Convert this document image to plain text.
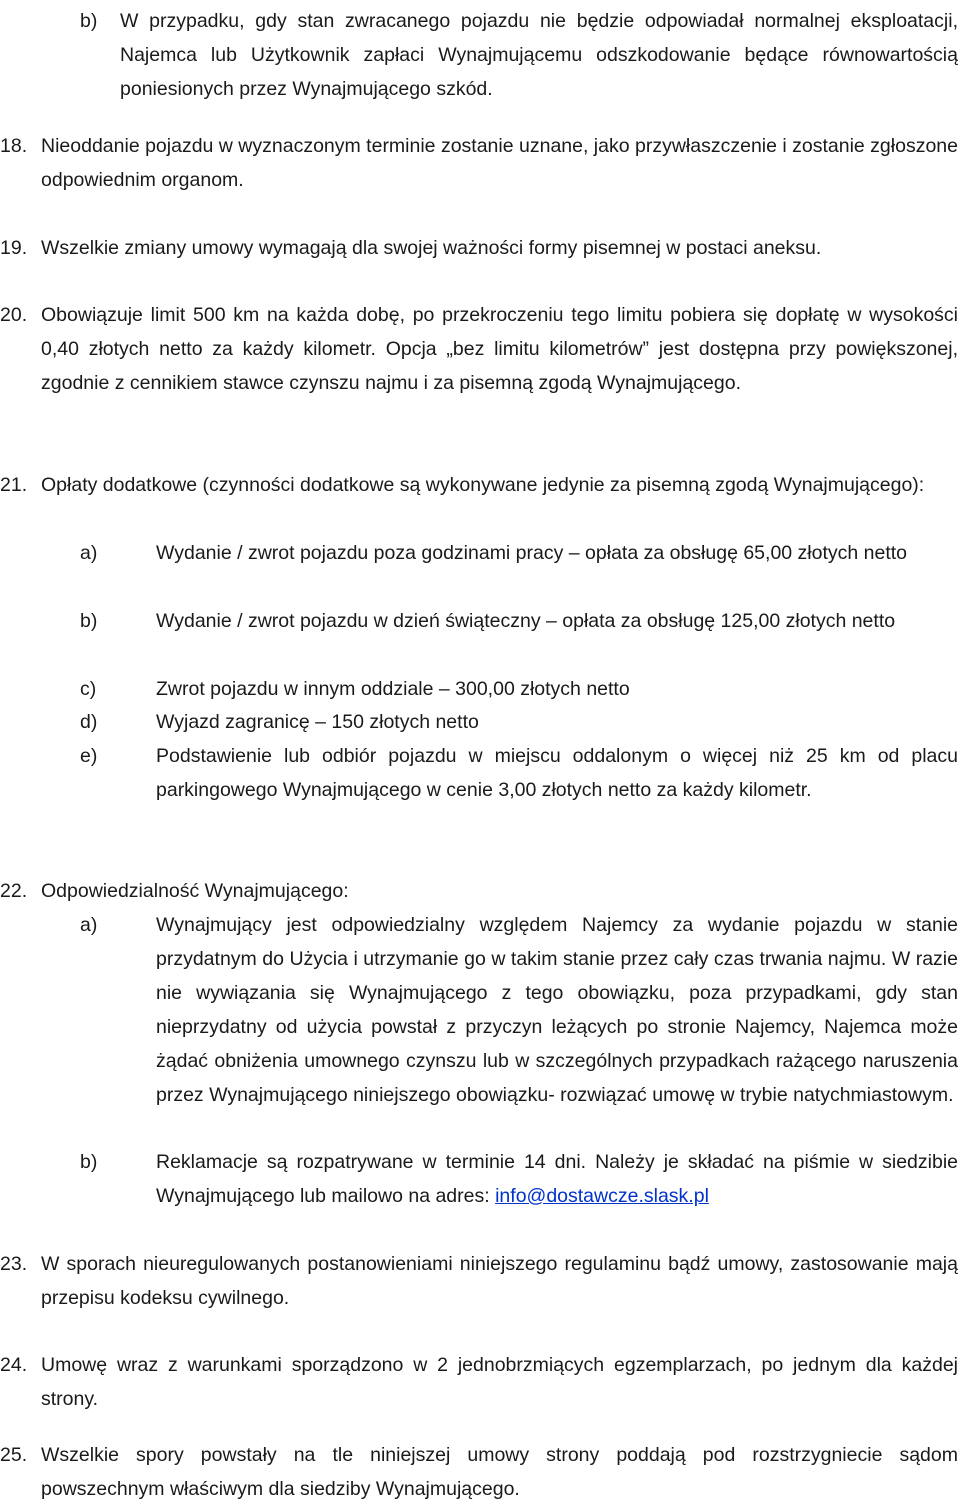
b) W przypadku, gdy stan zwracanego pojazdu nie będzie odpowiadał normalnej eksploatacji, Najemca lub Użytkownik zapłaci Wynajmującemu odszkodowanie będące równowartością poniesionych przez Wynajmującego szkód.
18. Nieoddanie pojazdu w wyznaczonym terminie zostanie uznane, jako przywłaszczenie i zostanie zgłoszone odpowiednim organom.
19. Wszelkie zmiany umowy wymagają dla swojej ważności formy pisemnej w postaci aneksu.
20. Obowiązuje limit 500 km na każda dobę, po przekroczeniu tego limitu pobiera się dopłatę w wysokości 0,40 złotych netto za każdy kilometr. Opcja „bez limitu kilometrów” jest dostępna przy powiększonej, zgodnie z cennikiem stawce czynszu najmu i za pisemną zgodą Wynajmującego.
21. Opłaty dodatkowe (czynności dodatkowe są wykonywane jedynie za pisemną zgodą Wynajmującego):
a)	Wydanie / zwrot pojazdu poza godzinami pracy – opłata za obsługę 65,00 złotych netto
b)	Wydanie / zwrot pojazdu w dzień świąteczny – opłata za obsługę 125,00 złotych netto
c)	Zwrot pojazdu w innym oddziale – 300,00 złotych netto
d)	Wyjazd zagranicę – 150 złotych netto
e)	Podstawienie lub odbiór pojazdu w miejscu oddalonym o więcej niż 25 km od placu parkingowego Wynajmującego w cenie 3,00 złotych netto za każdy kilometr.
22. Odpowiedzialność Wynajmującego:
a)	Wynajmujący jest odpowiedzialny względem Najemcy za wydanie pojazdu w stanie przydatnym do Użycia i utrzymanie go w takim stanie przez cały czas trwania najmu. W razie nie wywiązania się Wynajmującego z tego obowiązku, poza przypadkami, gdy stan nieprzydatny od użycia powstał z przyczyn leżących po stronie Najemcy, Najemca może żądać obniżenia umownego czynszu lub w szczególnych przypadkach rażącego naruszenia przez Wynajmującego niniejszego obowiązku- rozwiązać umowę w trybie natychmiastowym.
b)	Reklamacje są rozpatrywane w terminie 14 dni. Należy je składać na piśmie w siedzibie Wynajmującego lub mailowo na adres: info@dostawcze.slask.pl
23. W sporach nieuregulowanych postanowieniami niniejszego regulaminu bądź umowy, zastosowanie mają przepisu kodeksu cywilnego.
24. Umowę wraz z warunkami sporządzono w 2 jednobrzmiących egzemplarzach, po jednym dla każdej strony.
25. Wszelkie spory powstały na tle niniejszej umowy strony poddają pod rozstrzygniecie sądom powszechnym właściwym dla siedziby Wynajmującego.
